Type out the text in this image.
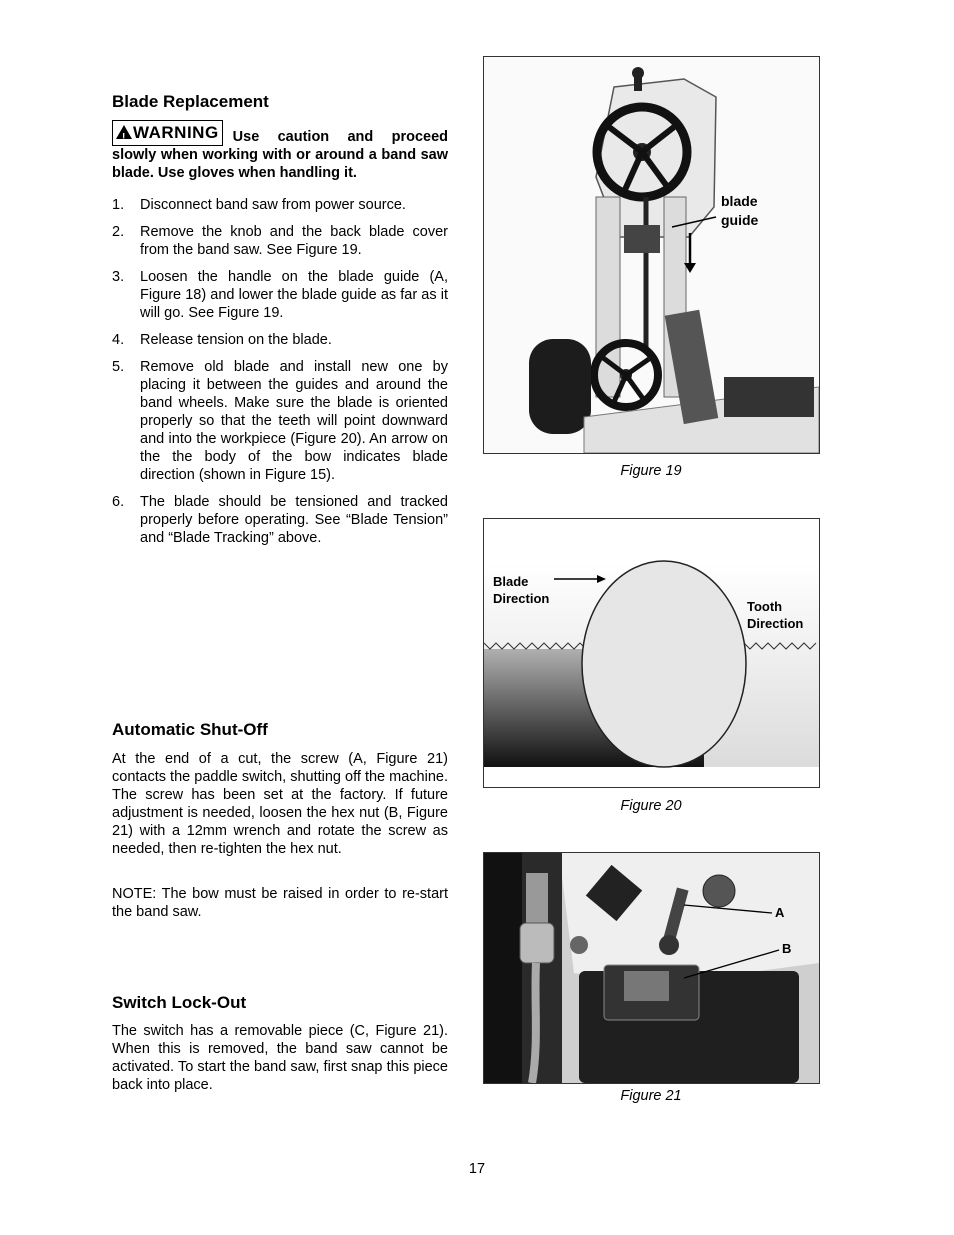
Blade Replacement
!WARNING Use caution and proceed slowly when working with or around a band saw blade. Use gloves when handling it.
1. Disconnect band saw from power source.
2. Remove the knob and the back blade cover from the band saw. See Figure 19.
3. Loosen the handle on the blade guide (A, Figure 18) and lower the blade guide as far as it will go. See Figure 19.
4. Release tension on the blade.
5. Remove old blade and install new one by placing it between the guides and around the band wheels. Make sure the blade is oriented properly so that the teeth will point downward and into the workpiece (Figure 20). An arrow on the the body of the bow indicates blade direction (shown in Figure 15).
6. The blade should be tensioned and tracked properly before operating. See “Blade Tension” and “Blade Tracking” above.
Automatic Shut-Off

At the end of a cut, the screw (A, Figure 21) contacts the paddle switch, shutting off the machine. The screw has been set at the factory. If future adjustment is needed, loosen the hex nut (B, Figure 21) with a 12mm wrench and rotate the screw as needed, then re-tighten the hex nut.

NOTE: The bow must be raised in order to re-start the band saw.

Switch Lock-Out

The switch has a removable piece (C, Figure 21). When this is removed, the band saw cannot be activated. To start the band saw, first snap this piece back into place.

blade
guide
Figure 19
Blade
Direction
Tooth
Direction
Figure 20
A
B
Figure 21
17
